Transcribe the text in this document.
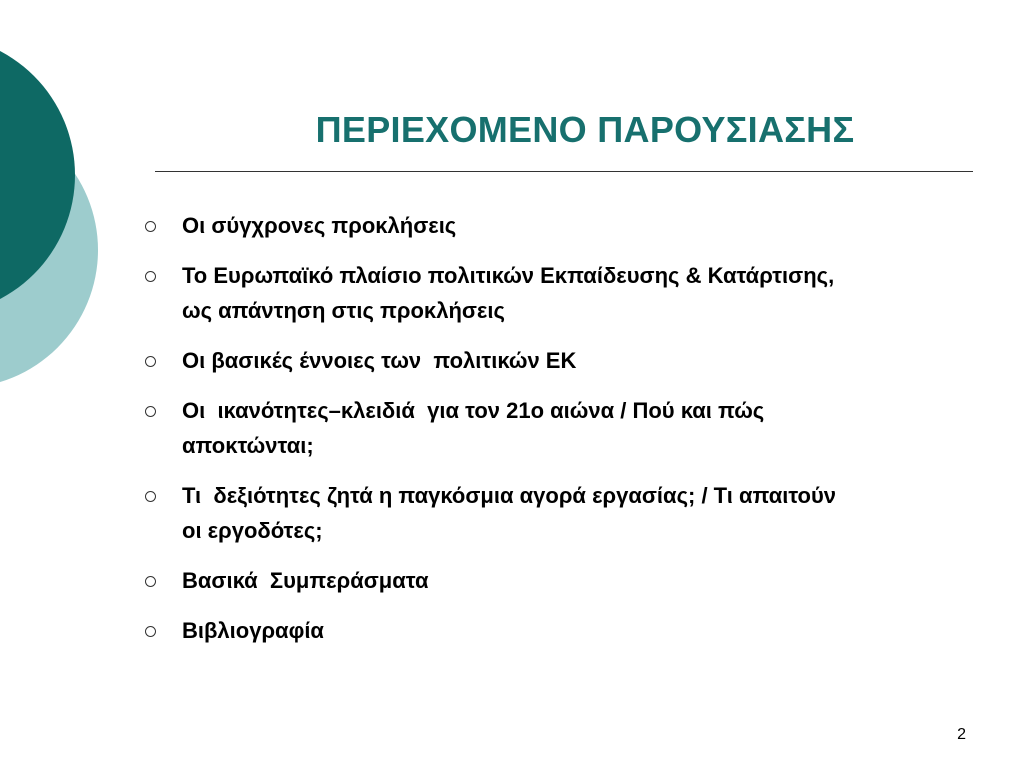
ΠΕΡΙΕΧΟΜΕΝΟ ΠΑΡΟΥΣΙΑΣΗΣ
Οι σύγχρονες προκλήσεις
Το Ευρωπαϊκό πλαίσιο πολιτικών Εκπαίδευσης & Κατάρτισης,
ως απάντηση στις προκλήσεις
Οι βασικές έννοιες των  πολιτικών ΕΚ
Οι  ικανότητες–κλειδιά  για τον 21ο αιώνα / Πού και πώς
αποκτώνται;
Τι  δεξιότητες ζητά η παγκόσμια αγορά εργασίας; / Τι απαιτούν
οι εργοδότες;
Βασικά  Συμπεράσματα
Βιβλιογραφία
2
